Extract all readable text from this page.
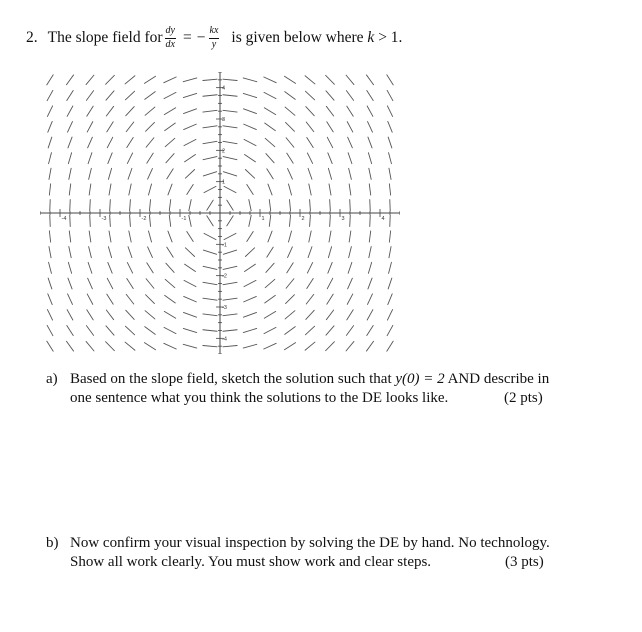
2. The slope field for $\frac{dy}{dx}$ = − $\frac{kx}{y}$ is given below where
k
> 1.
-4	-3	-2	-1	1	2	3	4
4
3
2
1
-1
-2
-3
-4
a) Based on the slope field, sketch the solution such that y(0) = 2 AND describe in
one sentence what you think the solutions to the DE looks like.	(2 pts)
b) Now confirm your visual inspection by solving the DE by hand. No technology.
Show all work clearly. You must show work and clear steps.	(3 pts)
